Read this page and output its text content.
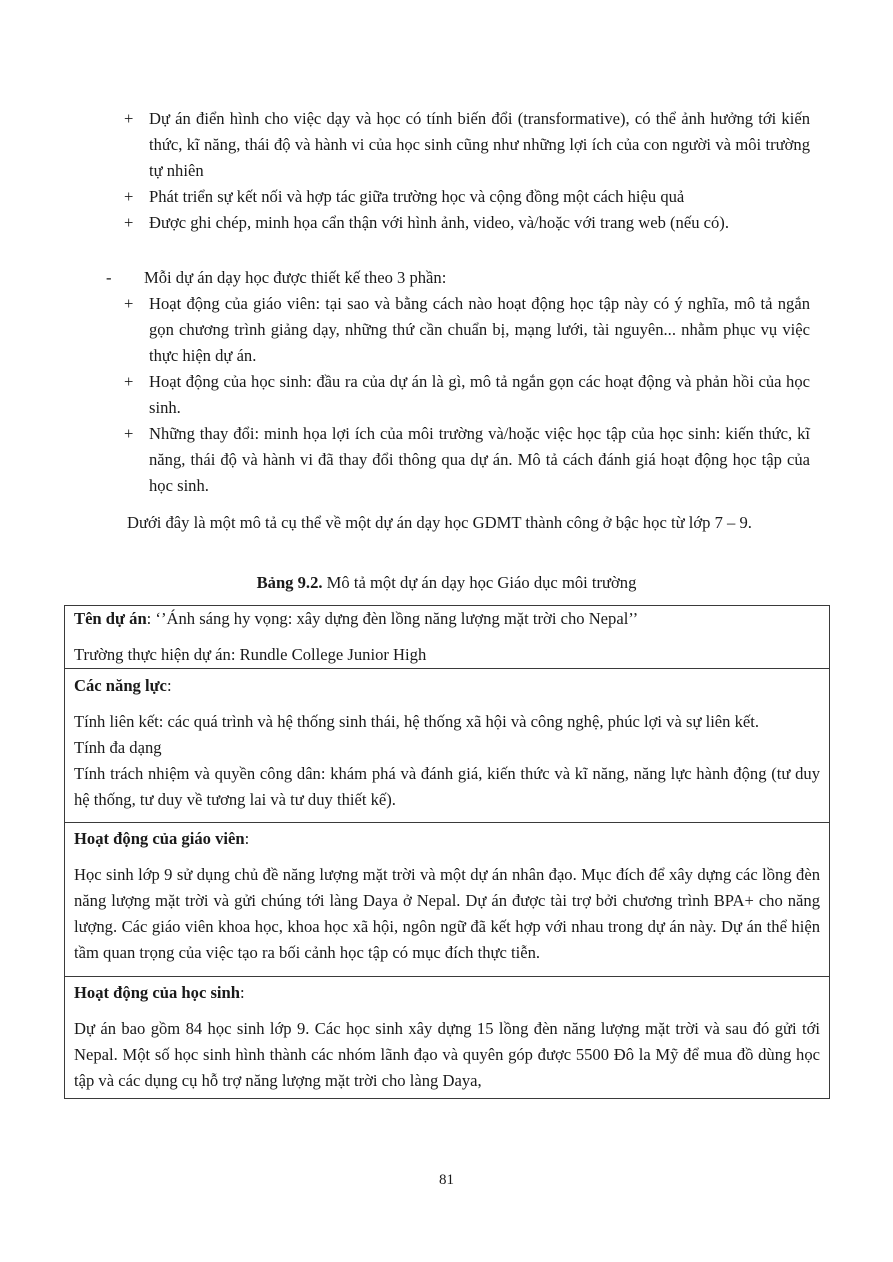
+ Dự án điển hình cho việc dạy và học có tính biến đổi (transformative), có thể ảnh hưởng tới kiến thức, kĩ năng, thái độ và hành vi của học sinh cũng như những lợi ích của con người và môi trường tự nhiên
+ Phát triển sự kết nối và hợp tác giữa trường học và cộng đồng một cách hiệu quả
+ Được ghi chép, minh họa cẩn thận với hình ảnh, video, và/hoặc với trang web (nếu có).
- Mỗi dự án dạy học được thiết kế theo 3 phần:
+ Hoạt động của giáo viên: tại sao và bằng cách nào hoạt động học tập này có ý nghĩa, mô tả ngắn gọn chương trình giảng dạy, những thứ cần chuẩn bị, mạng lưới, tài nguyên... nhằm phục vụ việc thực hiện dự án.
+ Hoạt động của học sinh: đầu ra của dự án là gì, mô tả ngắn gọn các hoạt động và phản hồi của học sinh.
+ Những thay đổi: minh họa lợi ích của môi trường và/hoặc việc học tập của học sinh: kiến thức, kĩ năng, thái độ và hành vi đã thay đổi thông qua dự án. Mô tả cách đánh giá hoạt động học tập của học sinh.
Dưới đây là một mô tả cụ thể về một dự án dạy học GDMT thành công ở bậc học từ lớp 7 – 9.
Bảng 9.2. Mô tả một dự án dạy học Giáo dục môi trường
Tên dự án: ‘’Ánh sáng hy vọng: xây dựng đèn lồng năng lượng mặt trời cho Nepal’’
Trường thực hiện dự án: Rundle College Junior High

Các năng lực:
Tính liên kết: các quá trình và hệ thống sinh thái, hệ thống xã hội và công nghệ, phúc lợi và sự liên kết.
Tính đa dạng
Tính trách nhiệm và quyền công dân: khám phá và đánh giá, kiến thức và kĩ năng, năng lực hành động (tư duy hệ thống, tư duy về tương lai và tư duy thiết kế).

Hoạt động của giáo viên:
Học sinh lớp 9 sử dụng chủ đề năng lượng mặt trời và một dự án nhân đạo. Mục đích để xây dựng các lồng đèn năng lượng mặt trời và gửi chúng tới làng Daya ở Nepal. Dự án được tài trợ bởi chương trình BPA+ cho năng lượng. Các giáo viên khoa học, khoa học xã hội, ngôn ngữ đã kết hợp với nhau trong dự án này. Dự án thể hiện tầm quan trọng của việc tạo ra bối cảnh học tập có mục đích thực tiễn.

Hoạt động của học sinh:
Dự án bao gồm 84 học sinh lớp 9. Các học sinh xây dựng 15 lồng đèn năng lượng mặt trời và sau đó gửi tới Nepal. Một số học sinh hình thành các nhóm lãnh đạo và quyên góp được 5500 Đô la Mỹ để mua đồ dùng học tập và các dụng cụ hỗ trợ năng lượng mặt trời cho làng Daya,
81
